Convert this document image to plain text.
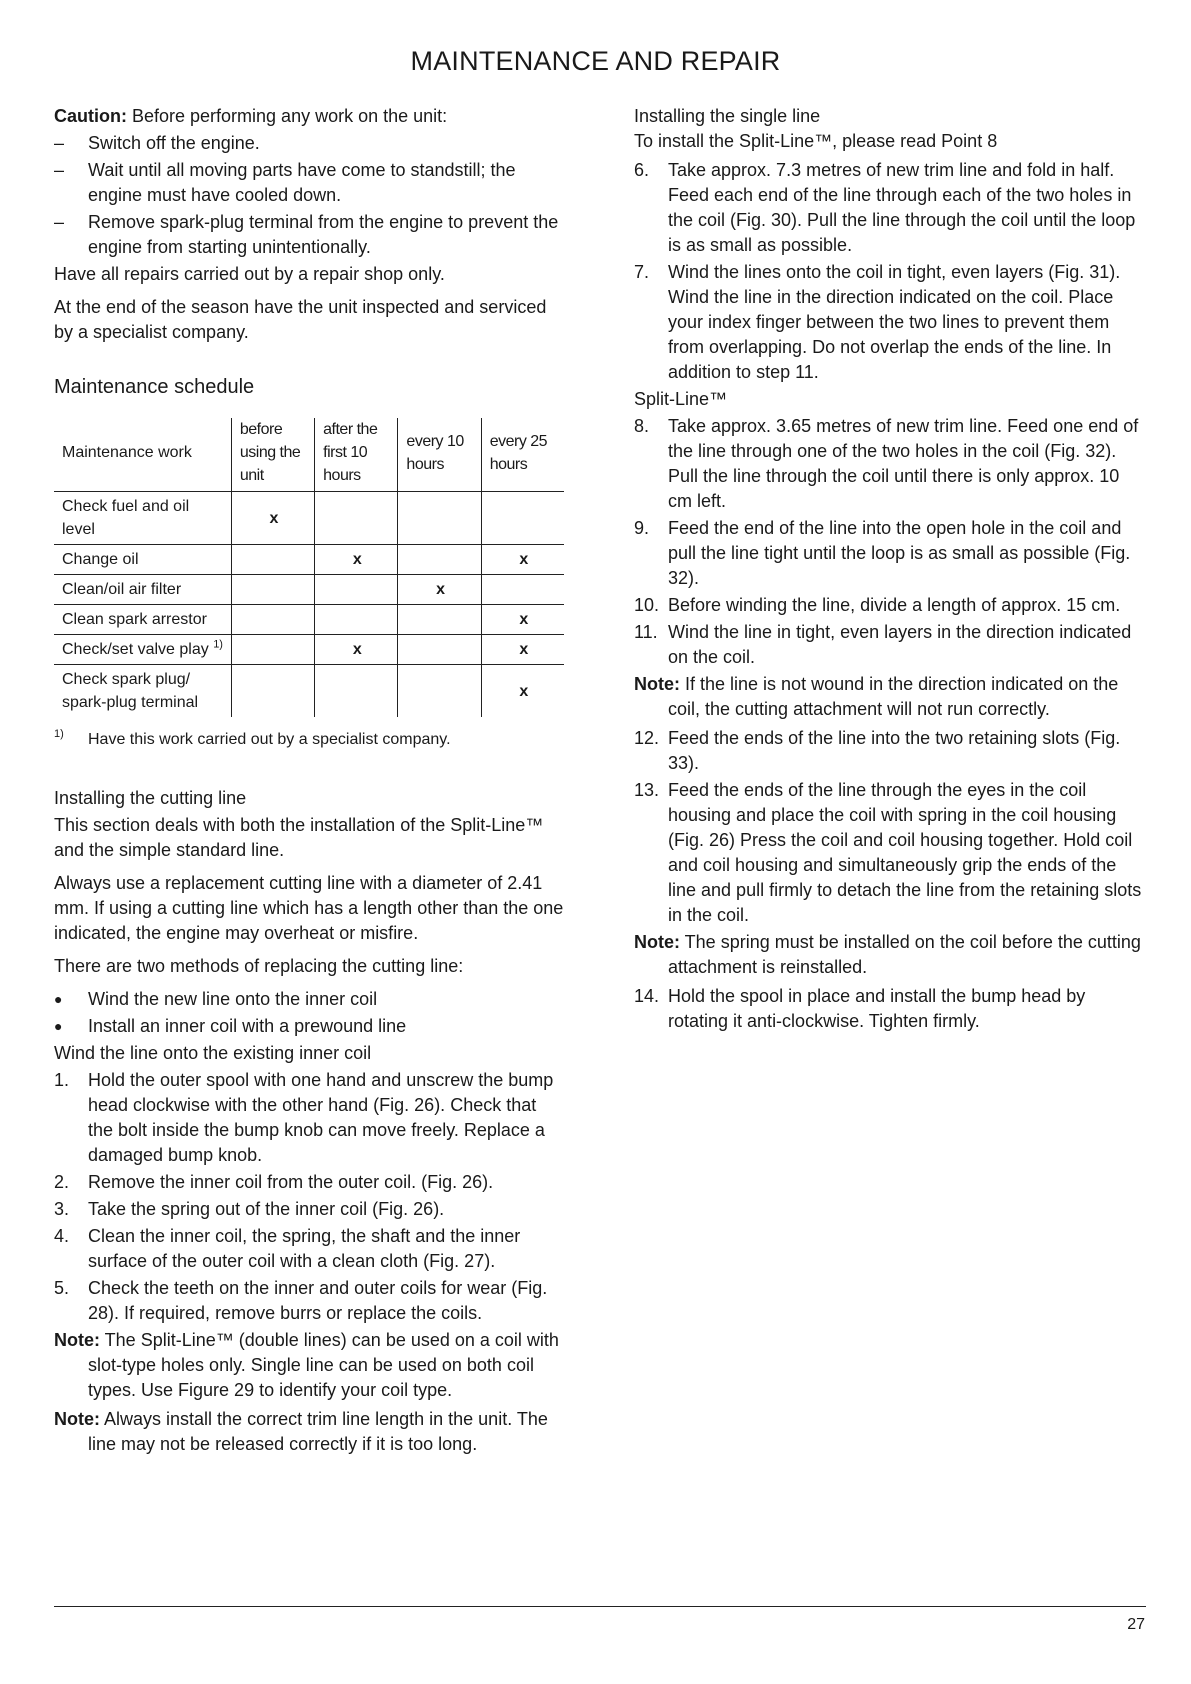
MAINTENANCE AND REPAIR

Caution: Before performing any work on the unit:

–	Switch off the engine.
–	Wait until all moving parts have come to standstill; the engine must have cooled down.
–	Remove spark-plug terminal from the engine to prevent the engine from starting unintentionally.

Have all repairs carried out by a repair shop only.

At the end of the season have the unit inspected and serviced by a specialist company.

Maintenance schedule
Maintenance work	before using the unit	after the first 10 hours	every 10 hours	every 25 hours
Check fuel and oil level	x			
Change oil		x		x
Clean/oil air filter			x	
Clean spark arrestor				x
Check/set valve play $^{1)}$		x		x
Check spark plug/ spark-plug terminal				x
1)	Have this work carried out by a specialist company.

Installing the cutting line

This section deals with both the installation of the Split-Line™ and the simple standard line.

Always use a replacement cutting line with a diameter of 2.41 mm. If using a cutting line which has a length other than the one indicated, the engine may overheat or misfire.

There are two methods of replacing the cutting line:

●	Wind the new line onto the inner coil
●	Install an inner coil with a prewound line

Wind the line onto the existing inner coil

1.	Hold the outer spool with one hand and unscrew the bump head clockwise with the other hand (Fig. 26). Check that the bolt inside the bump knob can move freely. Replace a damaged bump knob.
2.	Remove the inner coil from the outer coil. (Fig. 26).
3.	Take the spring out of the inner coil (Fig. 26).
4.	Clean the inner coil, the spring, the shaft and the inner surface of the outer coil with a clean cloth (Fig. 27).
5.	Check the teeth on the inner and outer coils for wear (Fig. 28). If required, remove burrs or replace the coils.

Note: The Split-Line™ (double lines) can be used on a coil with slot-type holes only. Single line can be used on both coil types. Use Figure 29 to identify your coil type.

Note: Always install the correct trim line length in the unit. The line may not be released correctly if it is too long.

Installing the single line

To install the Split-Line™, please read Point 8

6.	Take approx. 7.3 metres of new trim line and fold in half. Feed each end of the line through each of the two holes in the coil (Fig. 30). Pull the line through the coil until the loop is as small as possible.
7.	Wind the lines onto the coil in tight, even layers (Fig. 31). Wind the line in the direction indicated on the coil. Place your index finger between the two lines to prevent them from overlapping. Do not overlap the ends of the line. In addition to step 11.

Split-Line™

8.	Take approx. 3.65 metres of new trim line. Feed one end of the line through one of the two holes in the coil (Fig. 32). Pull the line through the coil until there is only approx. 10 cm left.
9.	Feed the end of the line into the open hole in the coil and pull the line tight until the loop is as small as possible (Fig. 32).
10. Before winding the line, divide a length of approx. 15 cm.
11. Wind the line in tight, even layers in the direction indicated on the coil.

Note: If the line is not wound in the direction indicated on the coil, the cutting attachment will not run correctly.

12. Feed the ends of the line into the two retaining slots (Fig. 33).
13. Feed the ends of the line through the eyes in the coil housing and place the coil with spring in the coil housing (Fig. 26) Press the coil and coil housing together. Hold coil and coil housing and simultaneously grip the ends of the line and pull firmly to detach the line from the retaining slots in the coil.

Note: The spring must be installed on the coil before the cutting attachment is reinstalled.

14. Hold the spool in place and install the bump head by rotating it anti-clockwise. Tighten firmly.
27
